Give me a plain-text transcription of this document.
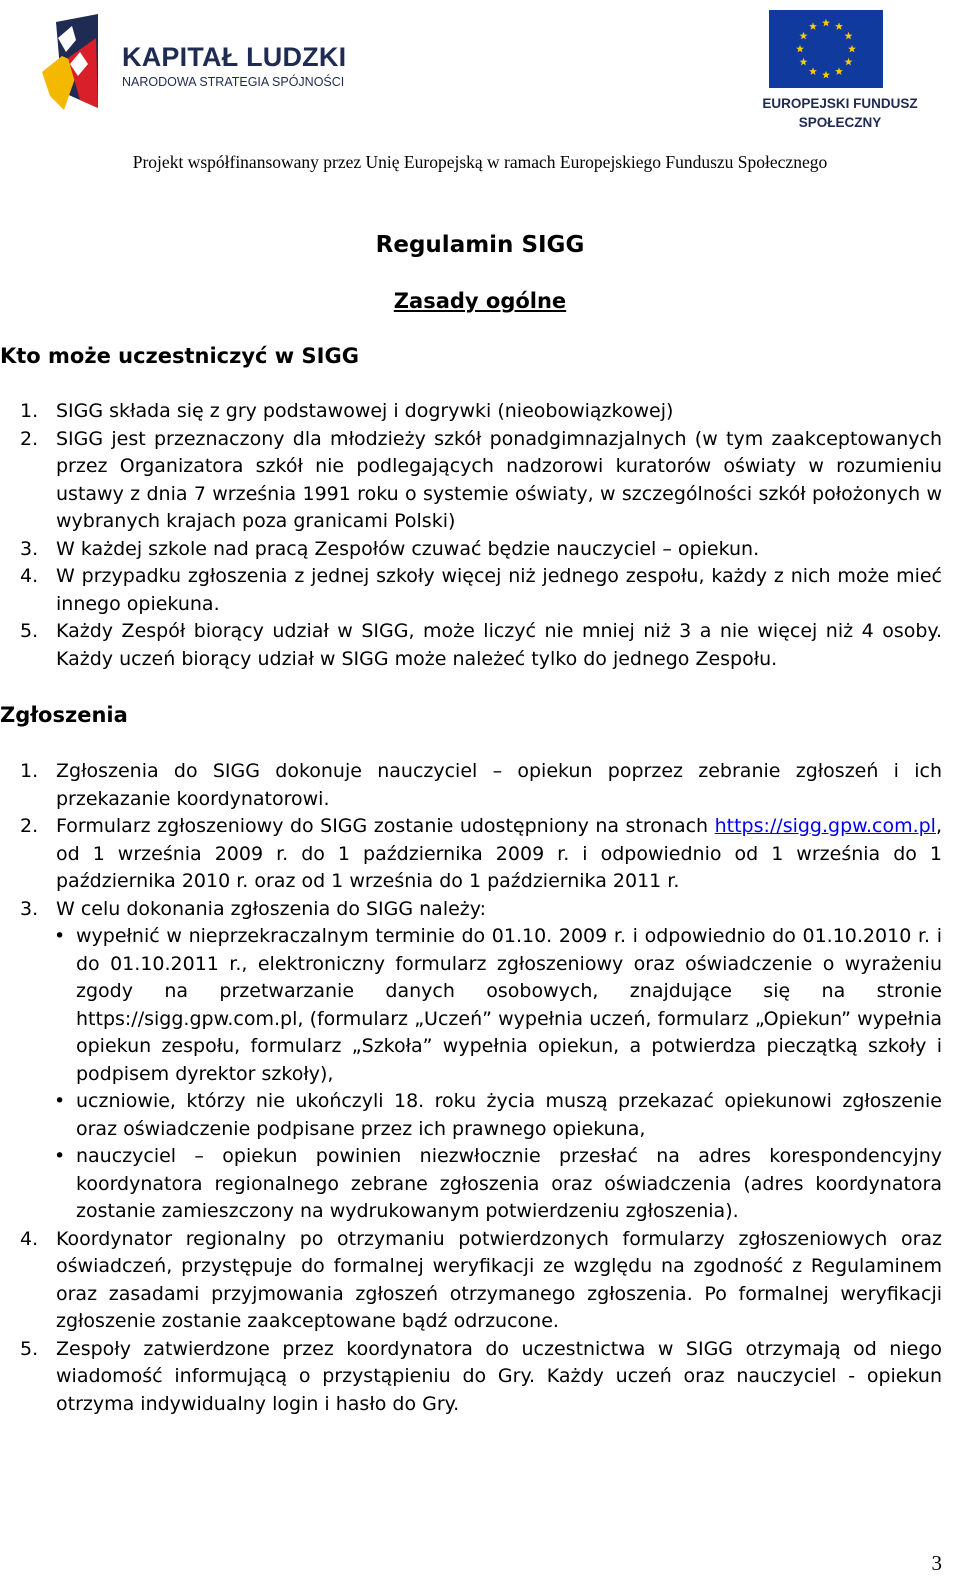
KAPITAŁ LUDZKI
NARODOWA STRATEGIA SPÓJNOŚCI
EUROPEJSKI FUNDUSZ
SPOŁECZNY
Projekt współfinansowany przez Unię Europejską w ramach Europejskiego Funduszu Społecznego
Regulamin SIGG
Zasady ogólne
Kto może uczestniczyć w SIGG
1. SIGG składa się z gry podstawowej i dogrywki (nieobowiązkowej)
2. SIGG jest przeznaczony dla młodzieży szkół ponadgimnazjalnych (w tym zaakceptowanych przez Organizatora szkół nie podlegających nadzorowi kuratorów oświaty w rozumieniu ustawy z dnia 7 września 1991 roku o systemie oświaty, w szczególności szkół położonych w wybranych krajach poza granicami Polski)
3. W każdej szkole nad pracą Zespołów czuwać będzie nauczyciel – opiekun.
4. W przypadku zgłoszenia z jednej szkoły więcej niż jednego zespołu, każdy z nich może mieć innego opiekuna.
5. Każdy Zespół biorący udział w SIGG, może liczyć nie mniej niż 3 a nie więcej niż 4 osoby. Każdy uczeń biorący udział w SIGG może należeć tylko do jednego Zespołu.
Zgłoszenia
1. Zgłoszenia do SIGG dokonuje nauczyciel – opiekun poprzez zebranie zgłoszeń i ich przekazanie koordynatorowi.
2. Formularz zgłoszeniowy do SIGG zostanie udostępniony na stronach https://sigg.gpw.com.pl, od 1 września 2009 r. do 1 października 2009 r. i odpowiednio od 1 września do 1 października 2010 r. oraz od 1 września do 1 października 2011 r.
3. W celu dokonania zgłoszenia do SIGG należy:
• wypełnić w nieprzekraczalnym terminie do 01.10. 2009 r. i odpowiednio do 01.10.2010 r. i do 01.10.2011 r., elektroniczny formularz zgłoszeniowy oraz oświadczenie o wyrażeniu zgody na przetwarzanie danych osobowych, znajdujące się na stronie https://sigg.gpw.com.pl, (formularz „Uczeń” wypełnia uczeń, formularz „Opiekun” wypełnia opiekun zespołu, formularz „Szkoła” wypełnia opiekun, a potwierdza pieczątką szkoły i podpisem dyrektor szkoły),
• uczniowie, którzy nie ukończyli 18. roku życia muszą przekazać opiekunowi zgłoszenie oraz oświadczenie podpisane przez ich prawnego opiekuna,
• nauczyciel – opiekun powinien niezwłocznie przesłać na adres korespondencyjny koordynatora regionalnego zebrane zgłoszenia oraz oświadczenia (adres koordynatora zostanie zamieszczony na wydrukowanym potwierdzeniu zgłoszenia).
4. Koordynator regionalny po otrzymaniu potwierdzonych formularzy zgłoszeniowych oraz oświadczeń, przystępuje do formalnej weryfikacji ze względu na zgodność z Regulaminem oraz zasadami przyjmowania zgłoszeń otrzymanego zgłoszenia. Po formalnej weryfikacji zgłoszenie zostanie zaakceptowane bądź odrzucone.
5. Zespoły zatwierdzone przez koordynatora do uczestnictwa w SIGG otrzymają od niego wiadomość informującą o przystąpieniu do Gry. Każdy uczeń oraz nauczyciel - opiekun otrzyma indywidualny login i hasło do Gry.
3
